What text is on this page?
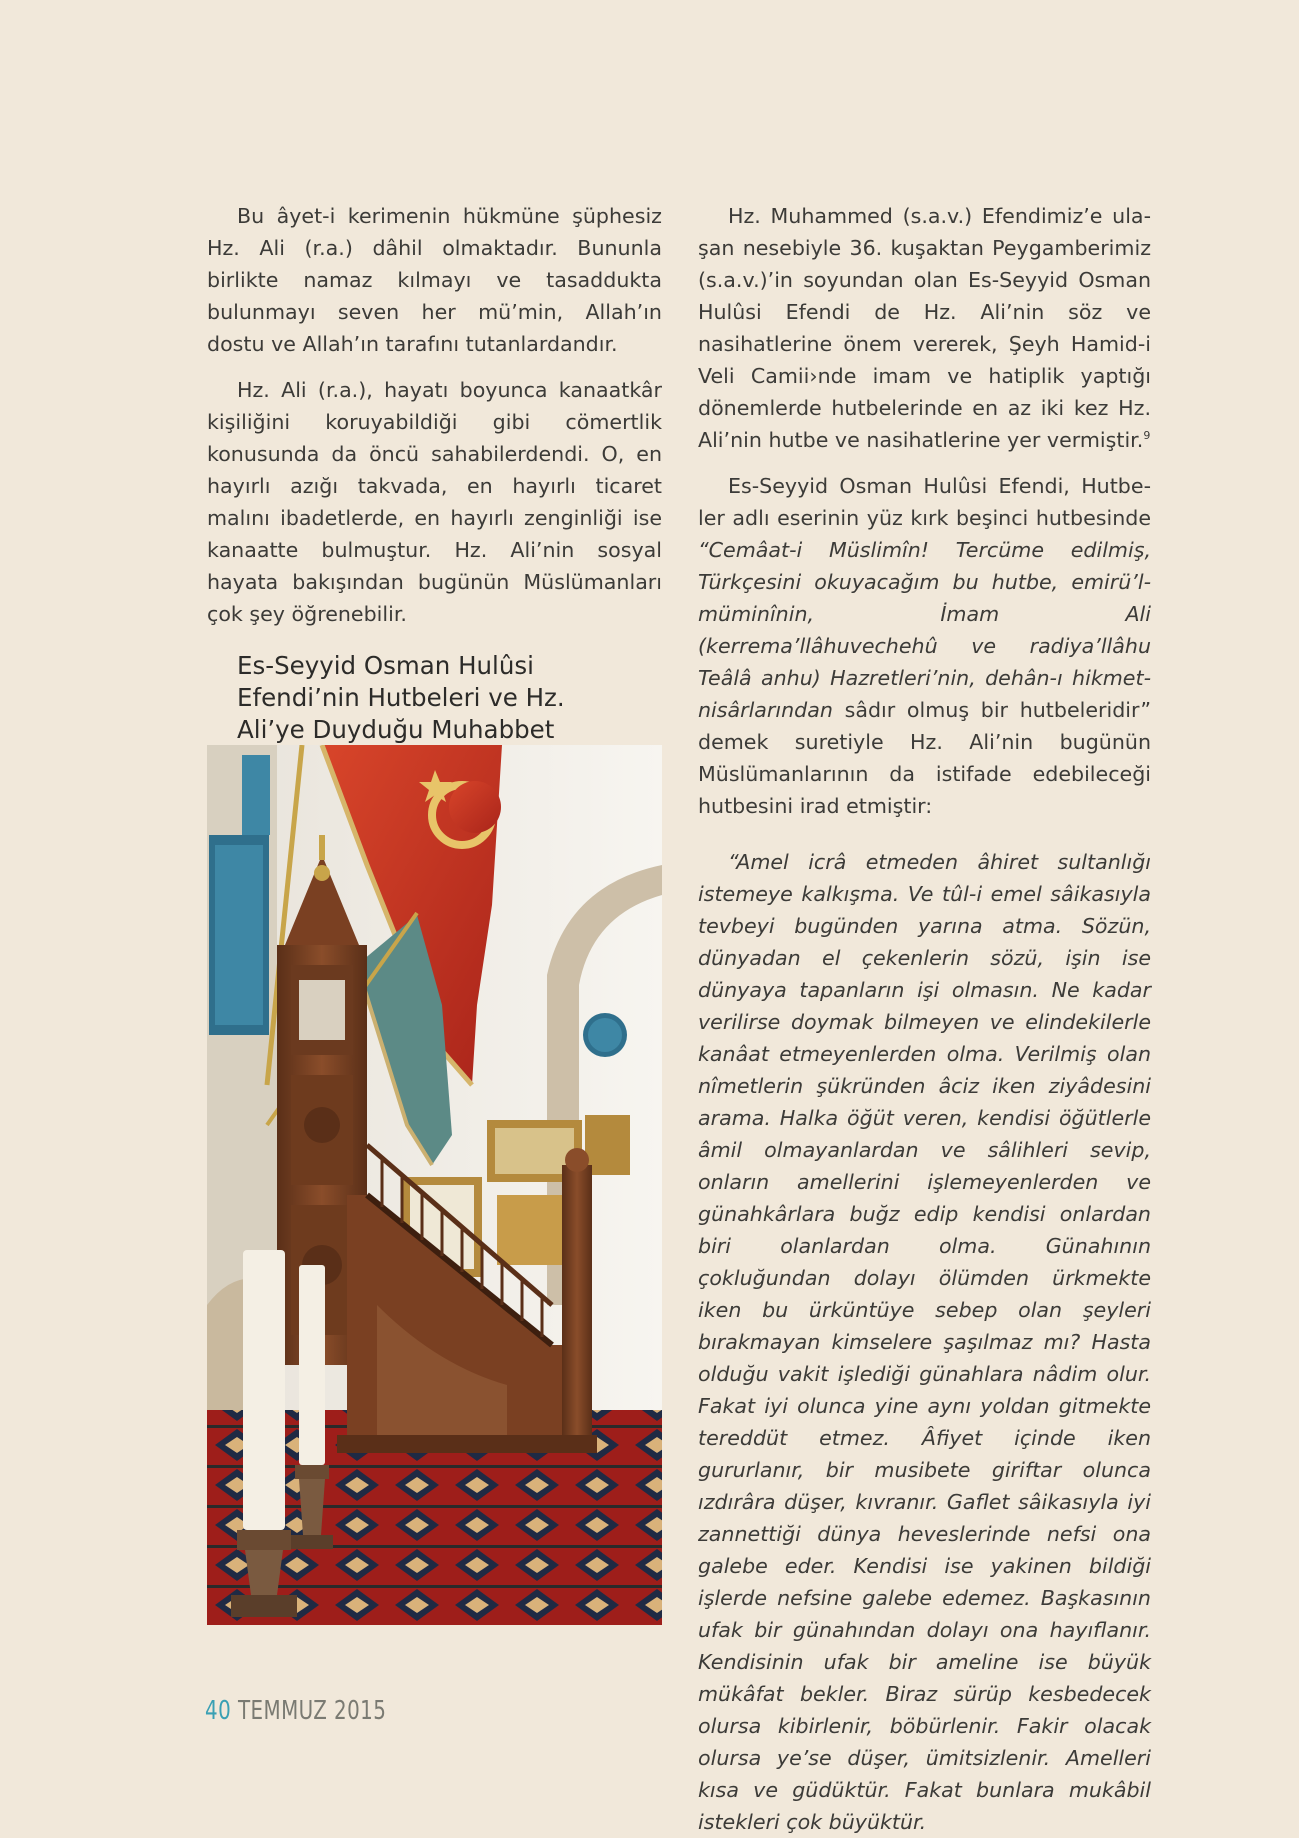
Bu âyet-i kerimenin hükmüne şüphesiz Hz. Ali (r.a.) dâhil olmaktadır. Bununla birlikte namaz kılmayı ve tasaddukta bulunmayı seven her mü’min, Allah’ın dostu ve Allah’ın tarafını tutanlardandır.

Hz. Ali (r.a.), hayatı boyunca kanaatkâr kişiliğini koruyabildiği gibi cömertlik konusunda da öncü sahabilerdendi. O, en hayırlı azığı takvada, en hayırlı ticaret malını ibadetlerde, en hayırlı zenginliği ise kanaatte bulmuştur. Hz. Ali’nin sosyal hayata bakışından bugünün Müslümanları çok şey öğrenebilir.

Es-Seyyid Osman Hulûsi Efendi’nin Hutbeleri ve Hz. Ali’ye Duyduğu Muhabbet

Hz. Muhammed (s.a.v.) Efendimiz’e ulaşan nesebiyle 36. kuşaktan Peygamberimiz (s.a.v.)’in soyundan olan Es-Seyyid Osman Hulûsi Efendi de Hz. Ali’nin söz ve nasihatlerine önem vererek, Şeyh Hamid-i Veli Camii›nde imam ve hatiplik yaptığı dönemlerde hutbelerinde en az iki kez Hz. Ali’nin hutbe ve nasihatlerine yer vermiştir.$^9$

Es-Seyyid Osman Hulûsi Efendi, Hutbeler adlı eserinin yüz kırk beşinci hutbesinde “Cemâat-i Müslimîn! Tercüme edilmiş, Türkçesini okuyacağım bu hutbe, emirü’l-müminînin, İmam Ali (kerrema’llâhuvechehû ve radiya’llâhu Teâlâ anhu) Hazretleri’nin, dehân-ı hikmetnisârlarından sâdır olmuş bir hutbeleridir” demek suretiyle Hz. Ali’nin bugünün Müslümanlarının da istifade edebileceği hutbesini irad etmiştir:

“Amel icrâ etmeden âhiret sultanlığı istemeye kalkışma. Ve tûl-i emel sâikasıyla tevbeyi bugünden yarına atma. Sözün, dünyadan el çekenlerin sözü, işin ise dünyaya tapanların işi olmasın. Ne kadar verilirse doymak bilmeyen ve elindekilerle kanâat etmeyenlerden olma. Verilmiş olan nîmetlerin şükründen âciz iken ziyâdesini arama. Halka öğüt veren, kendisi öğütlerle âmil olmayanlardan ve sâlihleri sevip, onların amellerini işlemeyenlerden ve günahkârlara buğz edip kendisi onlardan biri olanlardan olma. Günahının çokluğundan dolayı ölümden ürkmekte iken bu ürküntüye sebep olan şeyleri bırakmayan kimselere şaşılmaz mı? Hasta olduğu vakit işlediği günahlara nâdim olur. Fakat iyi olunca yine aynı yoldan gitmekte tereddüt etmez. Âfiyet içinde iken gururlanır, bir musibete giriftar olunca ızdırâra düşer, kıvranır. Gaflet sâikasıyla iyi zannettiği dünya heveslerinde nefsi ona galebe eder. Kendisi ise yakinen bildiği işlerde nefsine galebe edemez. Başkasının ufak bir günahından dolayı ona hayıflanır. Kendisinin ufak bir ameline ise büyük mükâfat bekler. Biraz sürüp kesbedecek olursa kibirlenir, böbürlenir. Fakir olacak olursa ye’se düşer, ümitsizlenir. Amelleri kısa ve güdüktür. Fakat bunlara mukâbil istekleri çok büyüktür.

40 TEMMUZ 2015
